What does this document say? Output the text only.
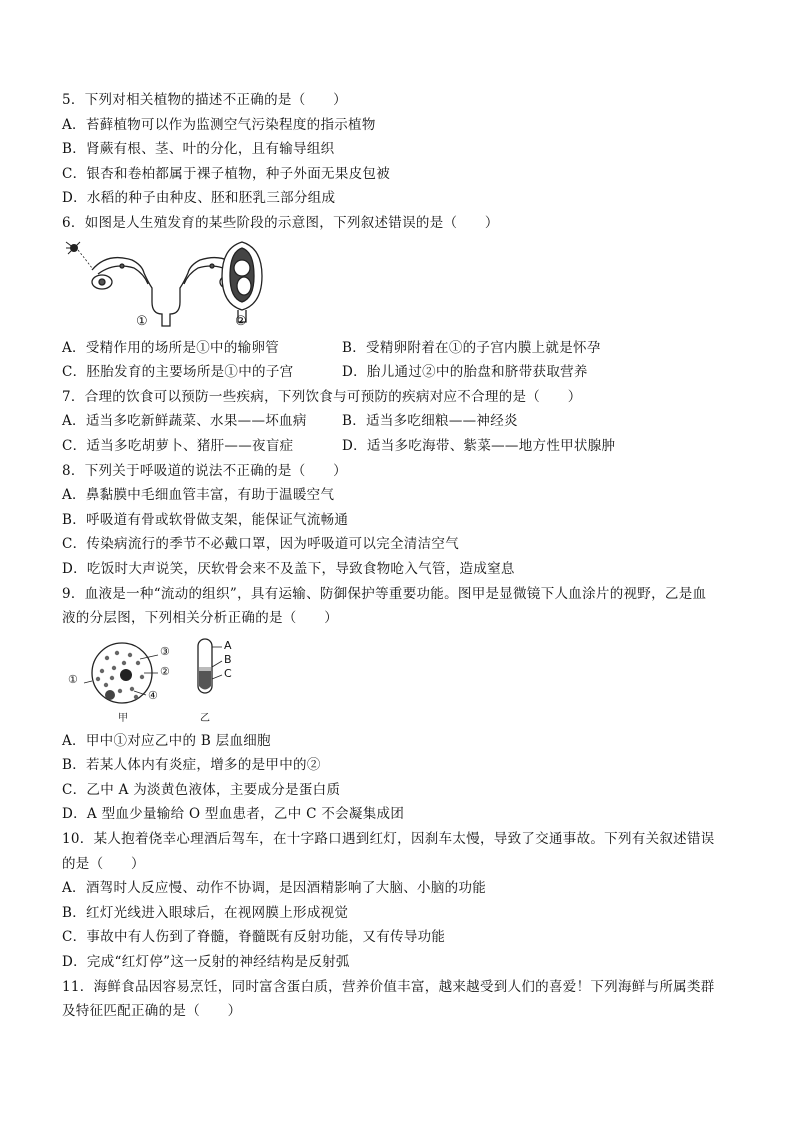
5．下列对相关植物的描述不正确的是（　　）
A．苔藓植物可以作为监测空气污染程度的指示植物
B．肾蕨有根、茎、叶的分化，且有输导组织
C．银杏和卷柏都属于裸子植物，种子外面无果皮包被
D．水稻的种子由种皮、胚和胚乳三部分组成
6．如图是人生殖发育的某些阶段的示意图，下列叙述错误的是（　　）
①	②
A．受精作用的场所是①中的输卵管	B．受精卵附着在①的子宫内膜上就是怀孕
C．胚胎发育的主要场所是①中的子宫	D．胎儿通过②中的胎盘和脐带获取营养
7．合理的饮食可以预防一些疾病，下列饮食与可预防的疾病对应不合理的是（　　）
A．适当多吃新鲜蔬菜、水果——坏血病	B．适当多吃细粮——神经炎
C．适当多吃胡萝卜、猪肝——夜盲症	D．适当多吃海带、紫菜——地方性甲状腺肿
8．下列关于呼吸道的说法不正确的是（　　）
A．鼻黏膜中毛细血管丰富，有助于温暖空气
B．呼吸道有骨或软骨做支架，能保证气流畅通
C．传染病流行的季节不必戴口罩，因为呼吸道可以完全清洁空气
D．吃饭时大声说笑，厌软骨会来不及盖下，导致食物呛入气管，造成窒息
9．血液是一种“流动的组织”，具有运输、防御保护等重要功能。图甲是显微镜下人血涂片的视野，乙是血
液的分层图，下列相关分析正确的是（　　）
③
①
②
④
A
B
C
甲	乙
A．甲中①对应乙中的 B 层血细胞
B．若某人体内有炎症，增多的是甲中的②
C．乙中 A 为淡黄色液体，主要成分是蛋白质
D．A 型血少量输给 O 型血患者，乙中 C 不会凝集成团
10．某人抱着侥幸心理酒后驾车，在十字路口遇到红灯，因刹车太慢，导致了交通事故。下列有关叙述错误
的是（　　）
A．酒驾时人反应慢、动作不协调，是因酒精影响了大脑、小脑的功能
B．红灯光线进入眼球后，在视网膜上形成视觉
C．事故中有人伤到了脊髓，脊髓既有反射功能，又有传导功能
D．完成“红灯停”这一反射的神经结构是反射弧
11．海鲜食品因容易烹饪，同时富含蛋白质，营养价值丰富，越来越受到人们的喜爱！下列海鲜与所属类群
及特征匹配正确的是（　　）
